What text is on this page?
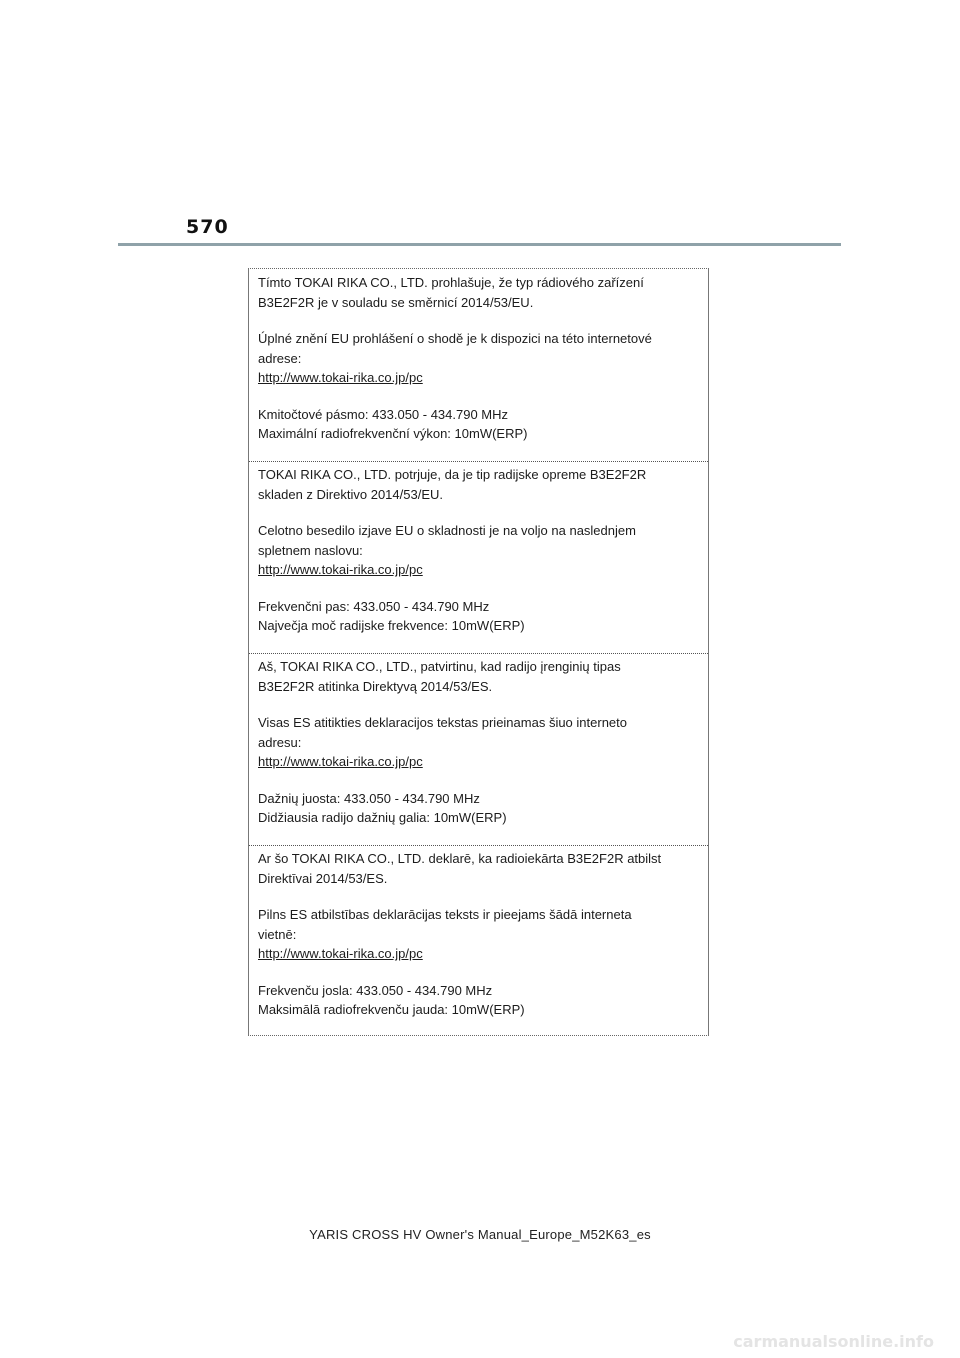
570

Tímto TOKAI RIKA CO., LTD. prohlašuje, že typ rádiového zařízení
B3E2F2R je v souladu se směrnicí 2014/53/EU.

Úplné znění EU prohlášení o shodě je k dispozici na této internetové
adrese:

http://www.tokai-rika.co.jp/pc

Kmitočtové pásmo: 433.050 - 434.790 MHz
Maximální radiofrekvenční výkon: 10mW(ERP)

TOKAI RIKA CO., LTD. potrjuje, da je tip radijske opreme B3E2F2R
skladen z Direktivo 2014/53/EU.

Celotno besedilo izjave EU o skladnosti je na voljo na naslednjem
spletnem naslovu:

http://www.tokai-rika.co.jp/pc

Frekvenčni pas: 433.050 - 434.790 MHz
Največja moč radijske frekvence: 10mW(ERP)

Aš, TOKAI RIKA CO., LTD., patvirtinu, kad radijo įrenginių tipas
B3E2F2R atitinka Direktyvą 2014/53/ES.

Visas ES atitikties deklaracijos tekstas prieinamas šiuo interneto
adresu:

http://www.tokai-rika.co.jp/pc

Dažnių juosta: 433.050 - 434.790 MHz
Didžiausia radijo dažnių galia: 10mW(ERP)

Ar šo TOKAI RIKA CO., LTD. deklarē, ka radioiekārta B3E2F2R atbilst
Direktīvai 2014/53/ES.

Pilns ES atbilstības deklarācijas teksts ir pieejams šādā interneta
vietnē:

http://www.tokai-rika.co.jp/pc

Frekvenču josla: 433.050 - 434.790 MHz
Maksimālā radiofrekvenču jauda: 10mW(ERP)

YARIS CROSS HV Owner's Manual_Europe_M52K63_es
carmanualsonline.info
